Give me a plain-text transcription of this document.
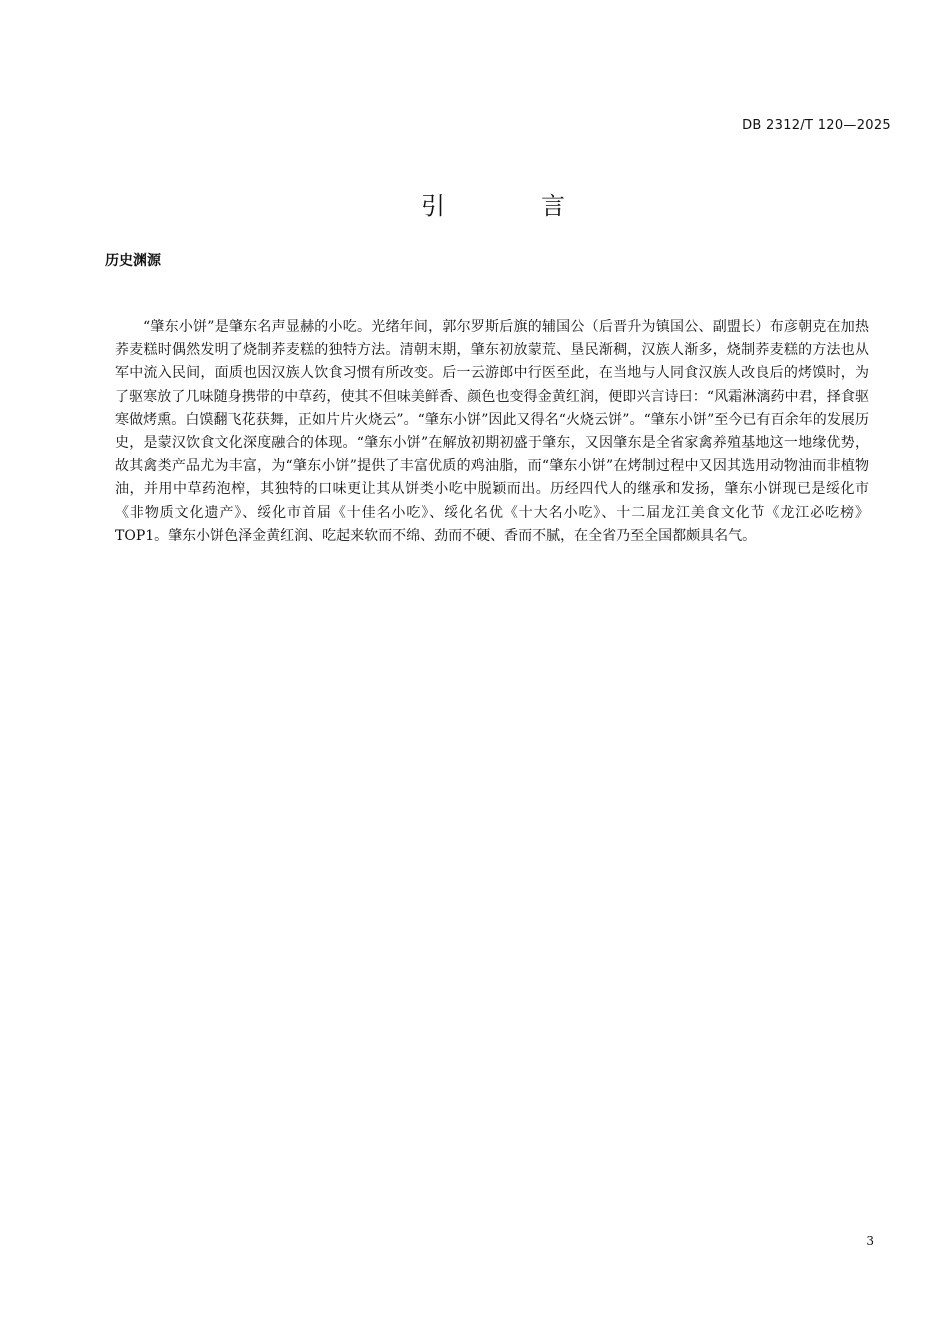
DB 2312/T 120—2025
引　言
历史渊源

“肇东小饼”是肇东名声显赫的小吃。光绪年间，郭尔罗斯后旗的辅国公（后晋升为镇国公、副盟长）布彦朝克在加热荞麦糕时偶然发明了烧制荞麦糕的独特方法。清朝末期，肇东初放蒙荒、垦民渐稠，汉族人渐多，烧制荞麦糕的方法也从军中流入民间，面质也因汉族人饮食习惯有所改变。后一云游郎中行医至此，在当地与人同食汉族人改良后的烤馍时，为了驱寒放了几味随身携带的中草药，使其不但味美鲜香、颜色也变得金黄红润，便即兴言诗曰：“风霜淋漓药中君，择食驱寒做烤熏。白馍翻飞花获舞，正如片片火烧云”。“肇东小饼”因此又得名“火烧云饼”。“肇东小饼”至今已有百余年的发展历史，是蒙汉饮食文化深度融合的体现。“肇东小饼”在解放初期初盛于肇东，又因肇东是全省家禽养殖基地这一地缘优势，故其禽类产品尤为丰富，为“肇东小饼”提供了丰富优质的鸡油脂，而“肇东小饼”在烤制过程中又因其选用动物油而非植物油，并用中草药泡榨，其独特的口味更让其从饼类小吃中脱颖而出。历经四代人的继承和发扬，肇东小饼现已是绥化市《非物质文化遗产》、绥化市首届《十佳名小吃》、绥化名优《十大名小吃》、十二届龙江美食文化节《龙江必吃榜》TOP1。肇东小饼色泽金黄红润、吃起来软而不绵、劲而不硬、香而不腻，在全省乃至全国都颇具名气。

3
